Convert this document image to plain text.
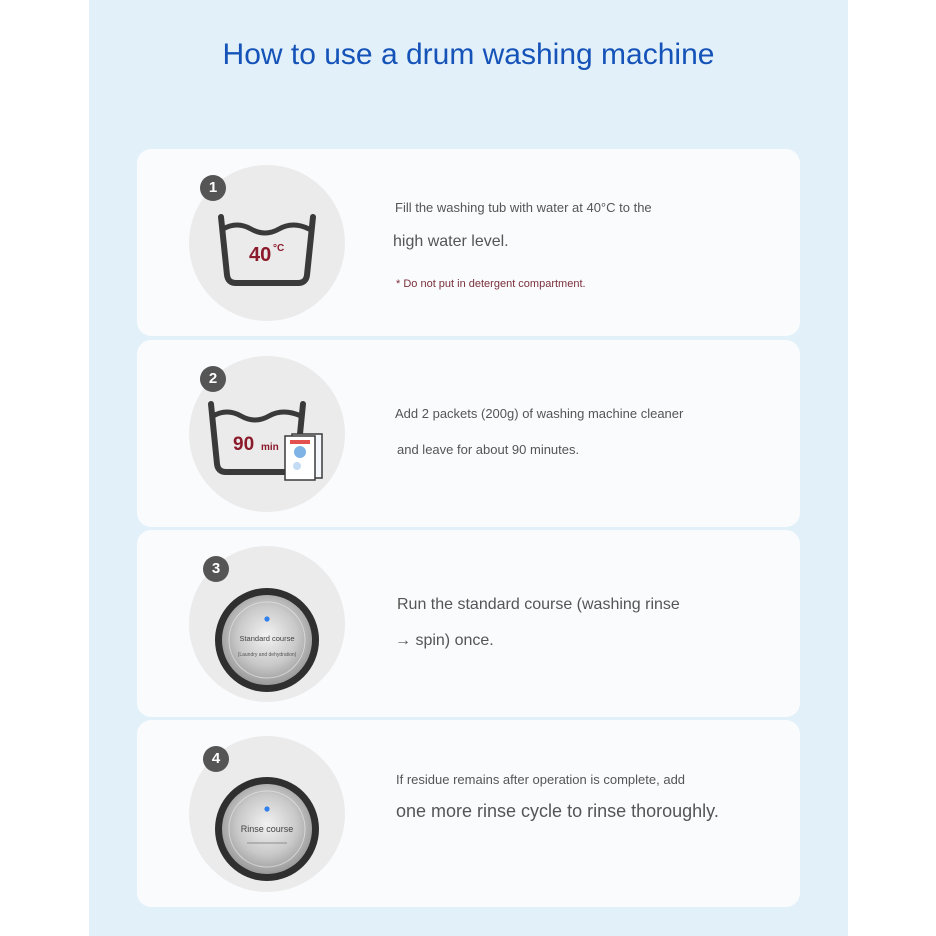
How to use a drum washing machine
40 °C
1
Fill the washing tub with water at 40°C to the
high water level.
* Do not put in detergent compartment.
90 min
2
Add 2 packets (200g) of washing machine cleaner
and leave for about 90 minutes.
Standard course
(Laundry and dehydration)
3
Run the standard course (washing rinse
→ spin) once.
Rinse course
4
If residue remains after operation is complete, add
one more rinse cycle to rinse thoroughly.
